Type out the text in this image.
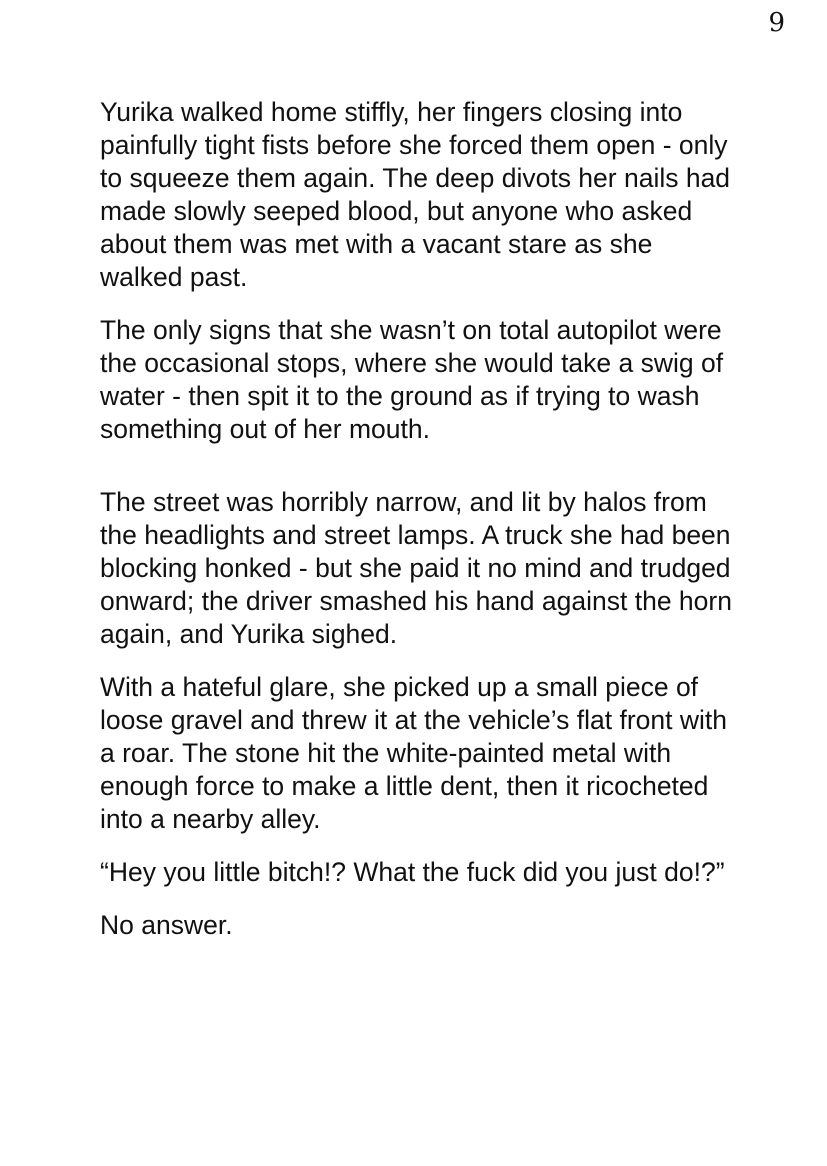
9

Yurika walked home stiffly, her fingers closing into painfully tight fists before she forced them open - only to squeeze them again. The deep divots her nails had made slowly seeped blood, but anyone who asked about them was met with a vacant stare as she walked past.

The only signs that she wasn’t on total autopilot were the occasional stops, where she would take a swig of water - then spit it to the ground as if trying to wash something out of her mouth.

The street was horribly narrow, and lit by halos from the headlights and street lamps. A truck she had been blocking honked - but she paid it no mind and trudged onward; the driver smashed his hand against the horn again, and Yurika sighed.

With a hateful glare, she picked up a small piece of loose gravel and threw it at the vehicle’s flat front with a roar. The stone hit the white-painted metal with enough force to make a little dent, then it ricocheted into a nearby alley.

“Hey you little bitch!? What the fuck did you just do!?”

No answer.
